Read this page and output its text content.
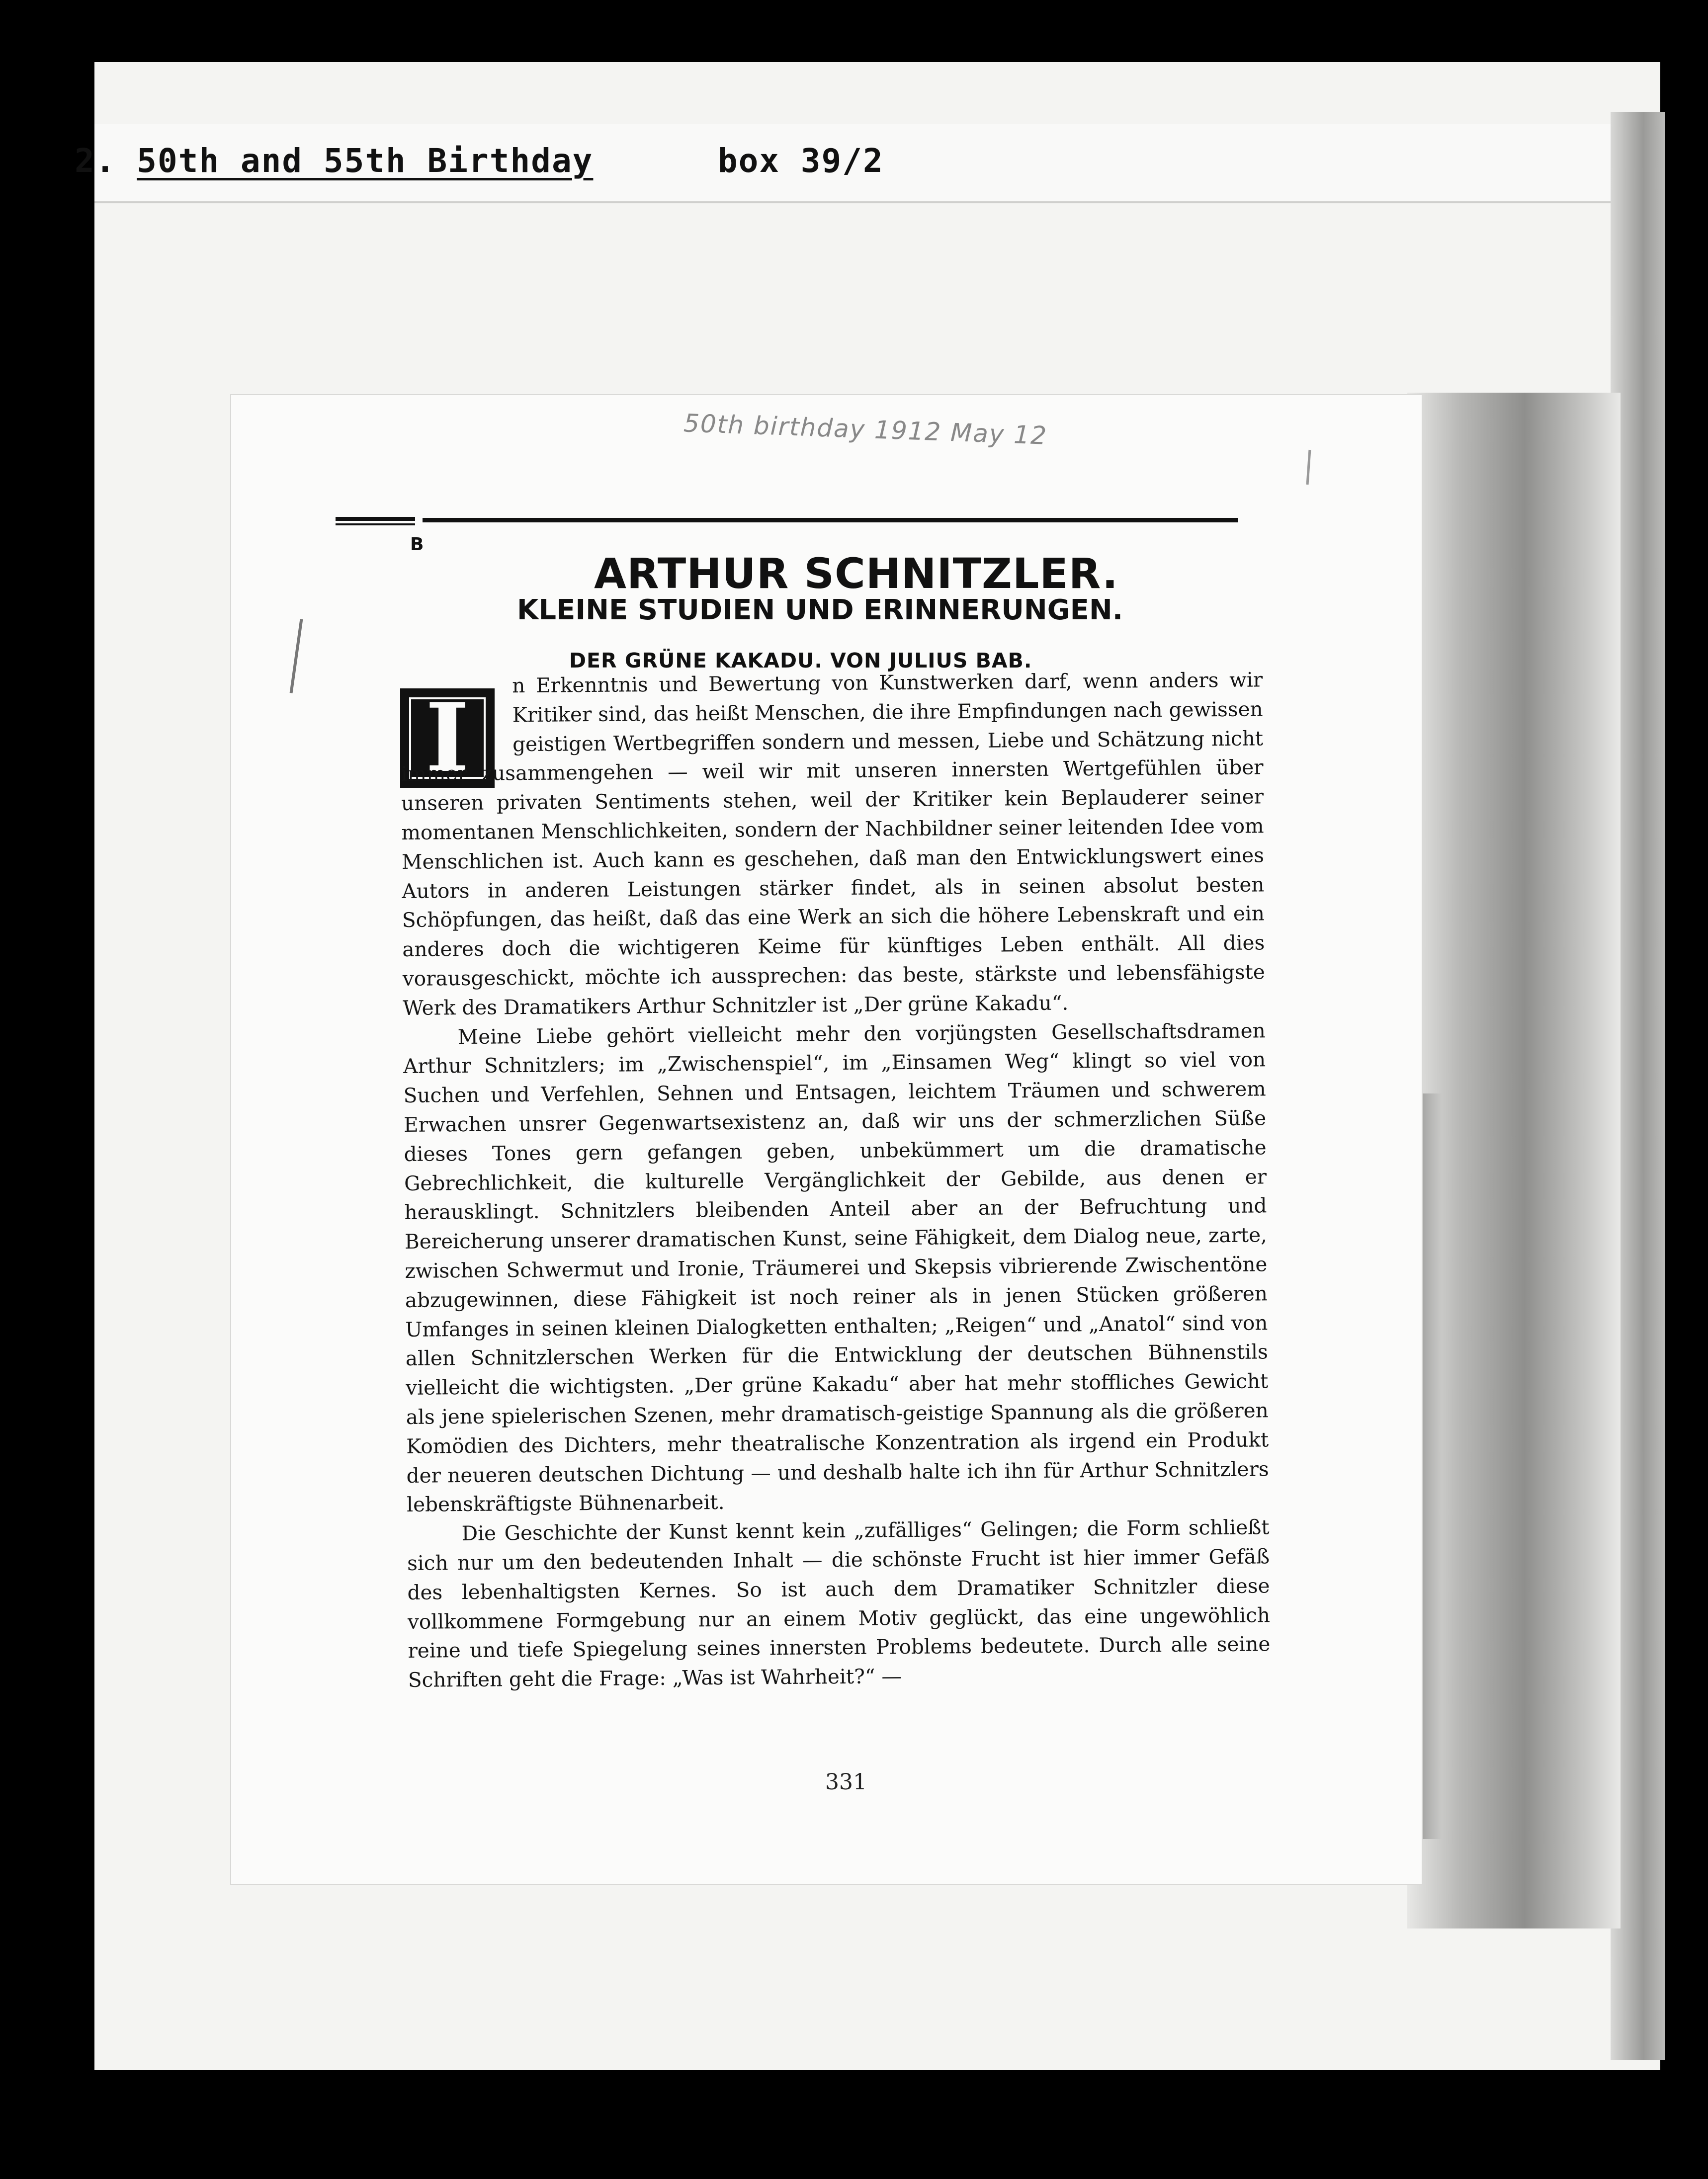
2. 50th and 55th Birthday	box 39/2
50th birthday 1912 May 12
B
ARTHUR SCHNITZLER.
KLEINE STUDIEN UND ERINNERUNGEN.
DER GRÜNE KAKADU. VON JULIUS BAB.
I	n Erkenntnis und Bewertung von Kunstwerken darf, wenn anders wir Kritiker sind, das heißt Menschen, die ihre Empfindungen nach gewissen geistigen Wertbegriffen sondern und messen, Liebe und Schätzung nicht
immer zusammengehen — weil wir mit unseren innersten Wertgefühlen über unseren privaten Sentiments stehen, weil der Kritiker kein Beplauderer seiner momentanen Menschlichkeiten, sondern der Nachbildner seiner leitenden Idee vom Menschlichen ist. Auch kann es geschehen, daß man den Entwicklungswert eines Autors in anderen Leistungen stärker findet, als in seinen absolut besten Schöpfungen, das heißt, daß das eine Werk an sich die höhere Lebenskraft und ein anderes doch die wichtigeren Keime für künftiges Leben enthält. All dies vorausgeschickt, möchte ich aussprechen: das beste, stärkste und lebensfähigste Werk des Dramatikers Arthur Schnitzler ist „Der grüne Kakadu“.

Meine Liebe gehört vielleicht mehr den vorjüngsten Gesellschaftsdramen Arthur Schnitzlers; im „Zwischenspiel“, im „Einsamen Weg“ klingt so viel von Suchen und Verfehlen, Sehnen und Entsagen, leichtem Träumen und schwerem Erwachen unsrer Gegenwartsexistenz an, daß wir uns der schmerzlichen Süße dieses Tones gern gefangen geben, unbekümmert um die dramatische Gebrechlichkeit, die kulturelle Vergänglichkeit der Gebilde, aus denen er herausklingt. Schnitzlers bleibenden Anteil aber an der Befruchtung und Bereicherung unserer dramatischen Kunst, seine Fähigkeit, dem Dialog neue, zarte, zwischen Schwermut und Ironie, Träumerei und Skepsis vibrierende Zwischentöne abzugewinnen, diese Fähigkeit ist noch reiner als in jenen Stücken größeren Umfanges in seinen kleinen Dialogketten enthalten; „Reigen“ und „Anatol“ sind von allen Schnitzlerschen Werken für die Entwicklung der deutschen Bühnenstils vielleicht die wichtigsten. „Der grüne Kakadu“ aber hat mehr stoffliches Gewicht als jene spielerischen Szenen, mehr dramatisch-geistige Spannung als die größeren Komödien des Dichters, mehr theatralische Konzentration als irgend ein Produkt der neueren deutschen Dichtung — und deshalb halte ich ihn für Arthur Schnitzlers lebenskräftigste Bühnenarbeit.

Die Geschichte der Kunst kennt kein „zufälliges“ Gelingen; die Form schließt sich nur um den bedeutenden Inhalt — die schönste Frucht ist hier immer Gefäß des lebenhaltigsten Kernes. So ist auch dem Dramatiker Schnitzler diese vollkommene Formgebung nur an einem Motiv geglückt, das eine ungewöhlich reine und tiefe Spiegelung seines innersten Problems bedeutete. Durch alle seine Schriften geht die Frage: „Was ist Wahrheit?“ —

331
